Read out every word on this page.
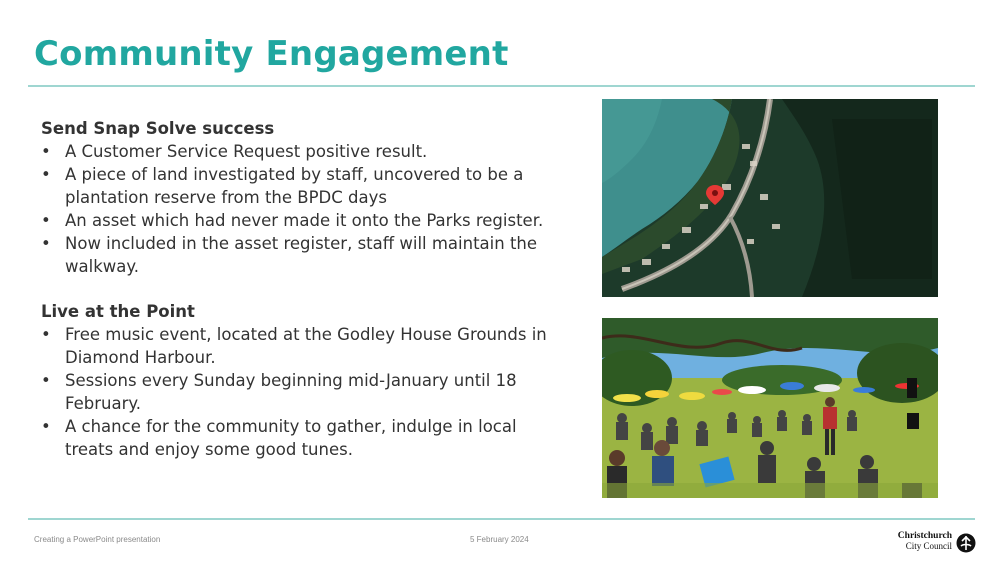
Community Engagement
Send Snap Solve success
• A Customer Service Request positive result.
• A piece of land investigated by staff, uncovered to be a plantation reserve from the BPDC days
• An asset which had never made it onto the Parks register.
• Now included in the asset register, staff will maintain the walkway.
Live at the Point
• Free music event, located at the Godley House Grounds in Diamond Harbour.
• Sessions every Sunday beginning mid-January until 18 February.
• A chance for the community to gather, indulge in local treats and enjoy some good tunes.
Creating a PowerPoint presentation	5 February 2024	Christchurch
City Council
